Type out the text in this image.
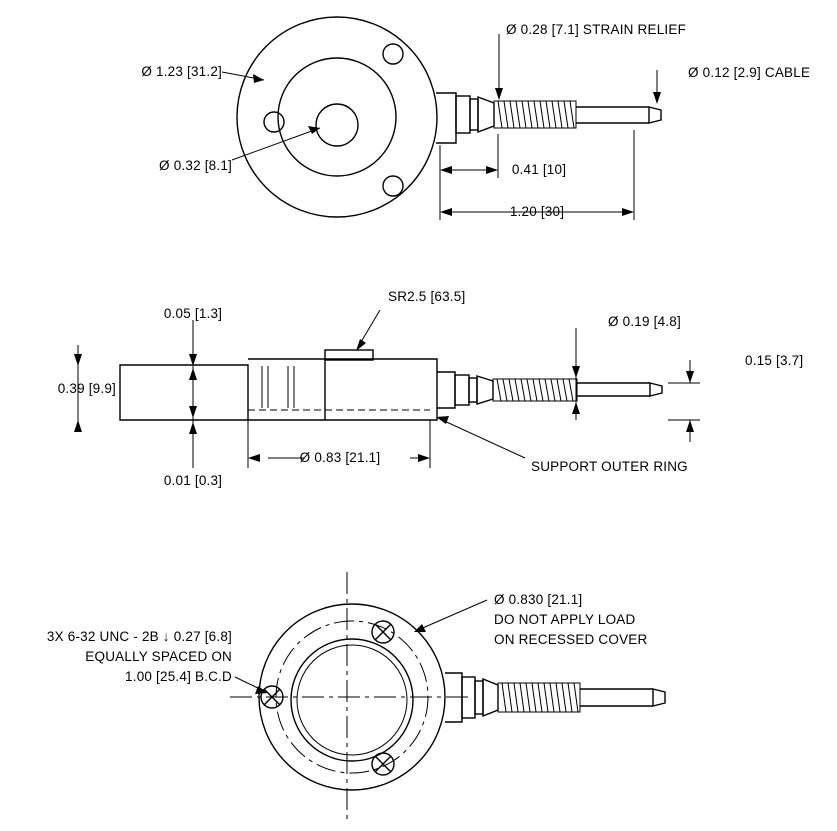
Ø 1.23 [31.2]
Ø 0.32 [8.1]
Ø 0.28 [7.1] STRAIN RELIEF
Ø 0.12 [2.9] CABLE
0.41 [10]
1.20 [30]
0.05 [1.3]
SR2.5 [63.5]
Ø 0.19 [4.8]
0.15 [3.7]
0.39 [9.9]
0.01 [0.3]
Ø 0.83 [21.1]
SUPPORT OUTER RING
3X 6-32 UNC - 2B ↓ 0.27 [6.8]
EQUALLY SPACED ON
1.00 [25.4] B.C.D
Ø 0.830 [21.1]
DO NOT APPLY LOAD
ON RECESSED COVER
